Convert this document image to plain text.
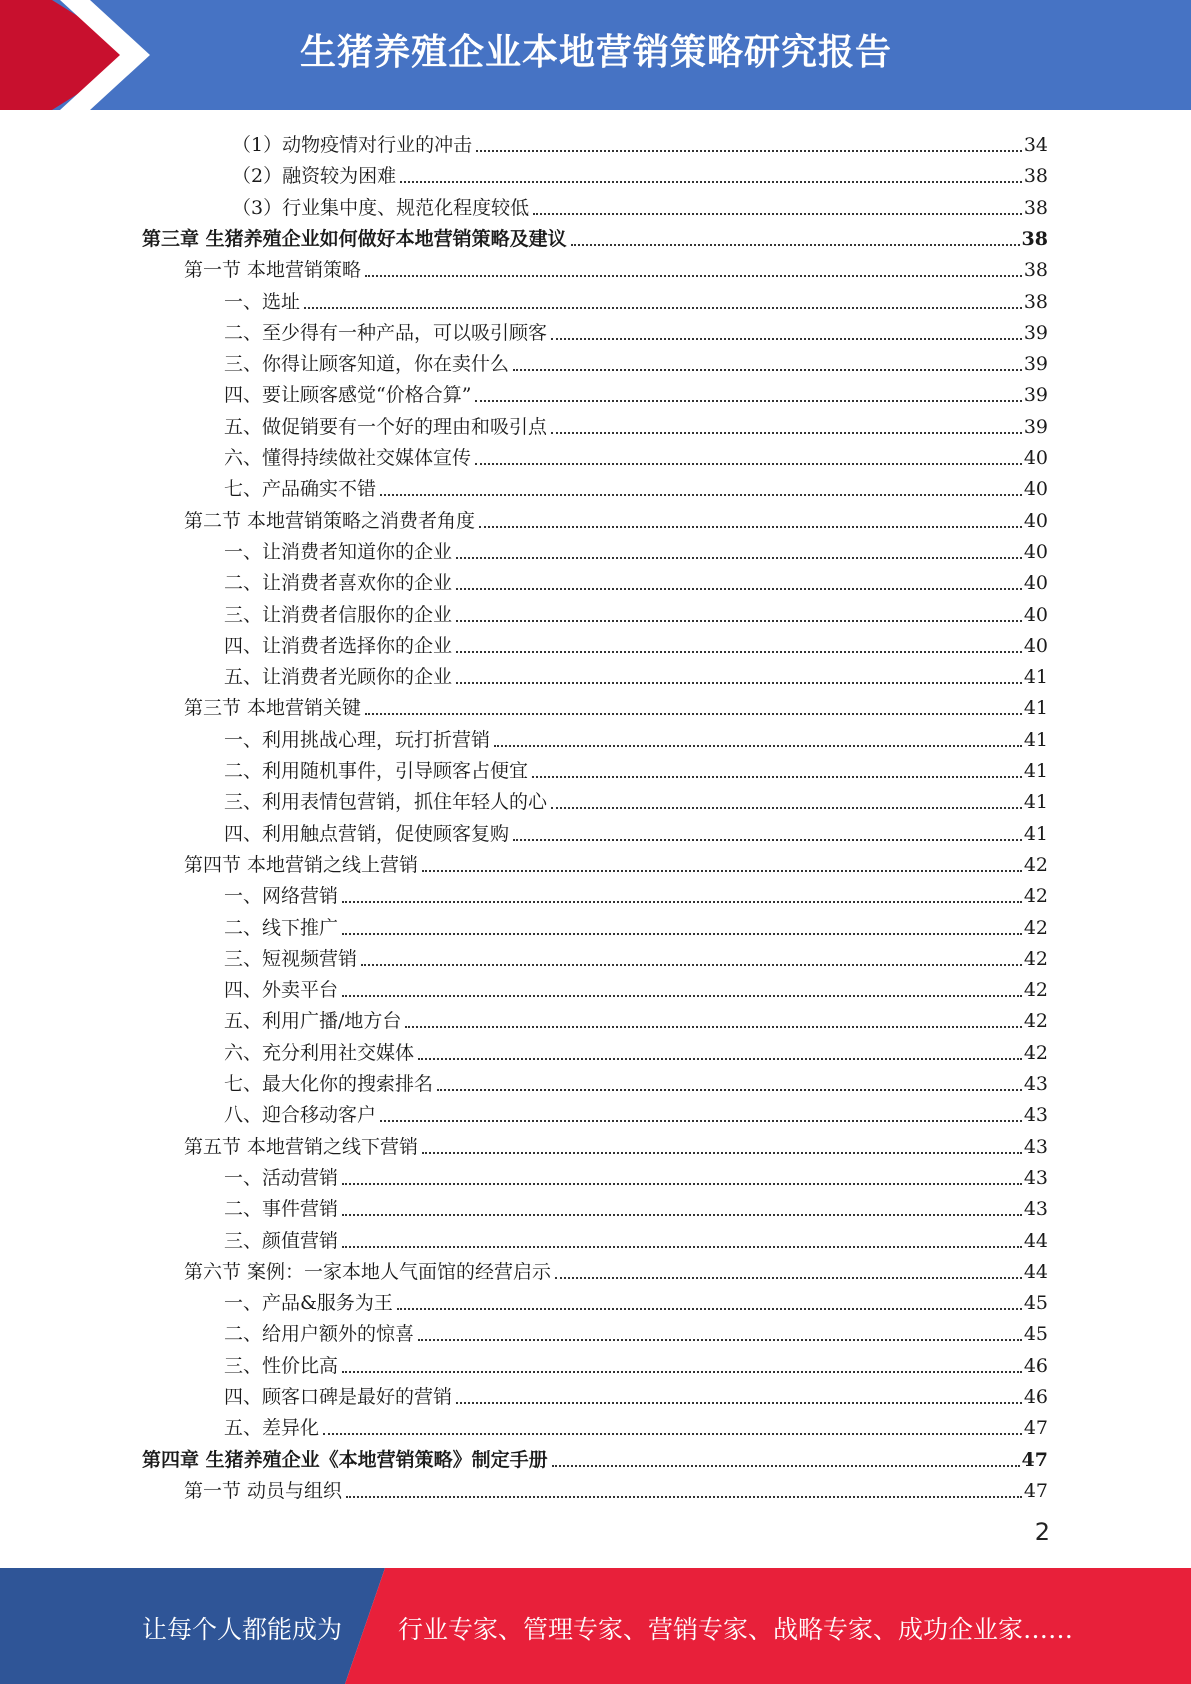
生猪养殖企业本地营销策略研究报告
（1）动物疫情对行业的冲击	34
（2）融资较为困难	38
（3）行业集中度、规范化程度较低	38
第三章 生猪养殖企业如何做好本地营销策略及建议	38
第一节 本地营销策略	38
一、选址	38
二、至少得有一种产品，可以吸引顾客	39
三、你得让顾客知道，你在卖什么	39
四、要让顾客感觉“价格合算”	39
五、做促销要有一个好的理由和吸引点	39
六、懂得持续做社交媒体宣传	40
七、产品确实不错	40
第二节 本地营销策略之消费者角度	40
一、让消费者知道你的企业	40
二、让消费者喜欢你的企业	40
三、让消费者信服你的企业	40
四、让消费者选择你的企业	40
五、让消费者光顾你的企业	41
第三节 本地营销关键	41
一、利用挑战心理，玩打折营销	41
二、利用随机事件，引导顾客占便宜	41
三、利用表情包营销，抓住年轻人的心	41
四、利用触点营销，促使顾客复购	41
第四节 本地营销之线上营销	42
一、网络营销	42
二、线下推广	42
三、短视频营销	42
四、外卖平台	42
五、利用广播/地方台	42
六、充分利用社交媒体	42
七、最大化你的搜索排名	43
八、迎合移动客户	43
第五节 本地营销之线下营销	43
一、活动营销	43
二、事件营销	43
三、颜值营销	44
第六节 案例：一家本地人气面馆的经营启示	44
一、产品&服务为王	45
二、给用户额外的惊喜	45
三、性价比高	46
四、顾客口碑是最好的营销	46
五、差异化	47
第四章 生猪养殖企业《本地营销策略》制定手册	47
第一节 动员与组织	47
2
让每个人都能成为 行业专家、管理专家、营销专家、战略专家、成功企业家……
